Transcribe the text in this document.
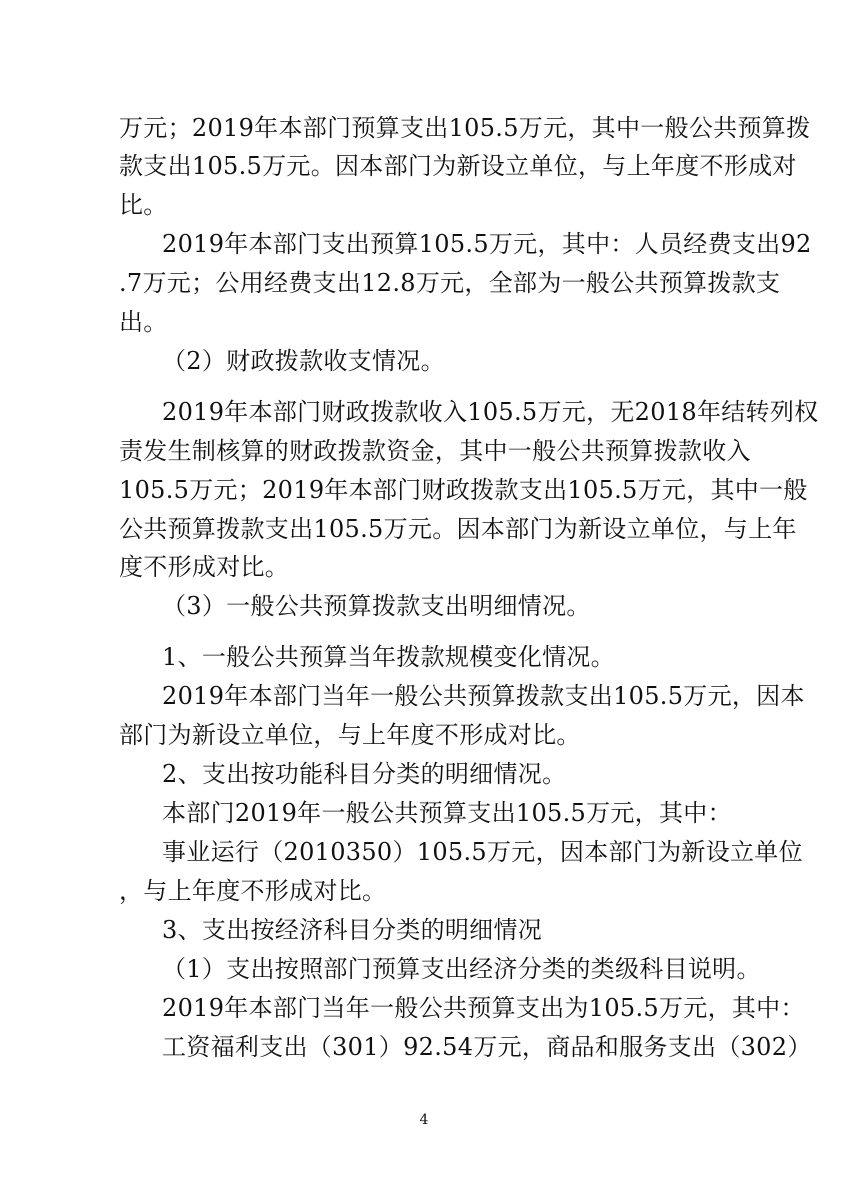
万元；2019年本部门预算支出105.5万元，其中一般公共预算拨
款支出105.5万元。因本部门为新设立单位，与上年度不形成对
比。
2019年本部门支出预算105.5万元，其中：人员经费支出92
.7万元；公用经费支出12.8万元，全部为一般公共预算拨款支
出。
（2）财政拨款收支情况。
2019年本部门财政拨款收入105.5万元，无2018年结转列权
责发生制核算的财政拨款资金，其中一般公共预算拨款收入
105.5万元；2019年本部门财政拨款支出105.5万元，其中一般
公共预算拨款支出105.5万元。因本部门为新设立单位，与上年
度不形成对比。
（3）一般公共预算拨款支出明细情况。
1、一般公共预算当年拨款规模变化情况。
2019年本部门当年一般公共预算拨款支出105.5万元，因本
部门为新设立单位，与上年度不形成对比。
2、支出按功能科目分类的明细情况。
本部门2019年一般公共预算支出105.5万元，其中：
事业运行（2010350）105.5万元，因本部门为新设立单位
，与上年度不形成对比。
3、支出按经济科目分类的明细情况
（1）支出按照部门预算支出经济分类的类级科目说明。
2019年本部门当年一般公共预算支出为105.5万元，其中：
工资福利支出（301）92.54万元，商品和服务支出（302）
4
